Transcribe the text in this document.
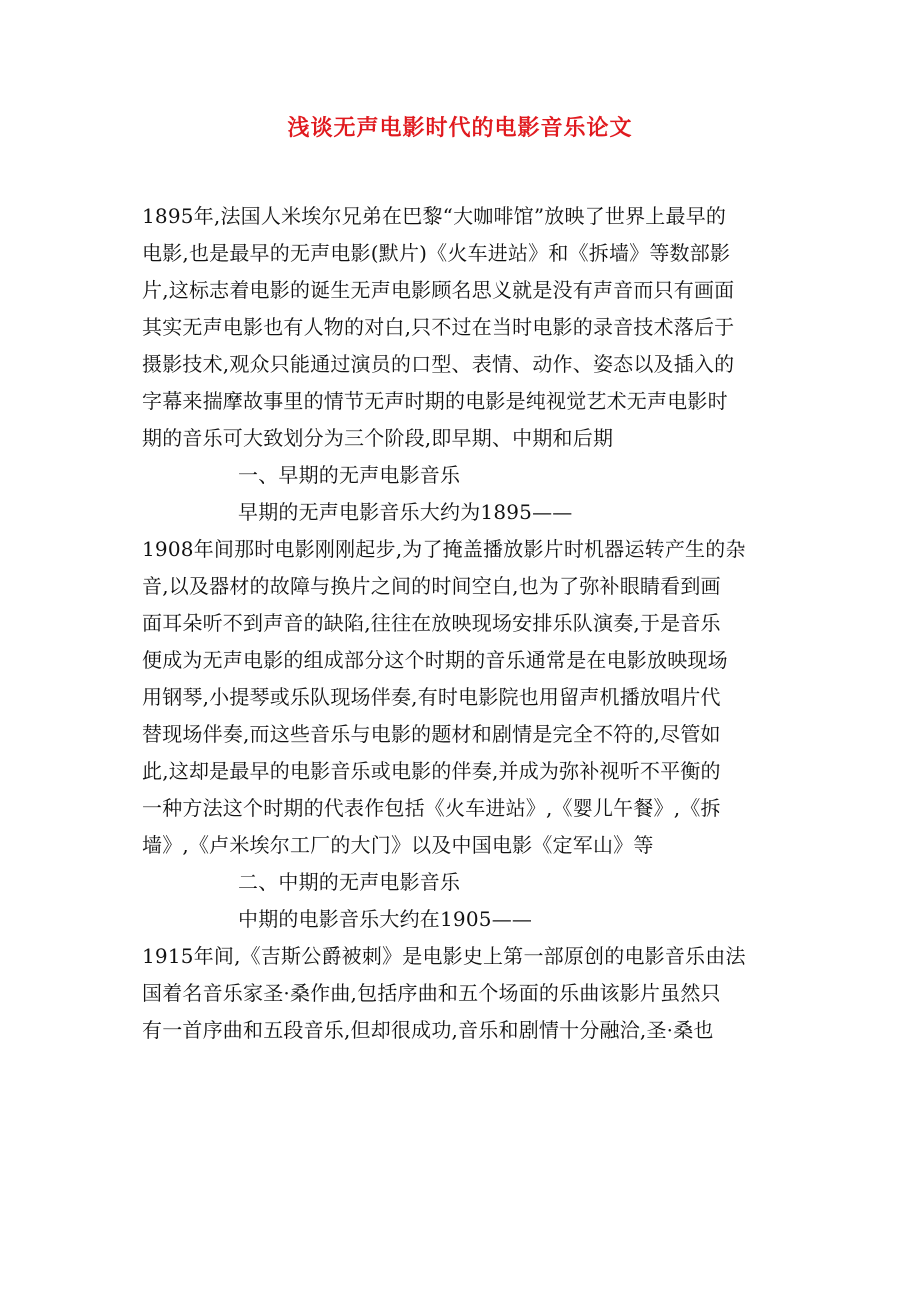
浅谈无声电影时代的电影音乐论文
1895年,法国人米埃尔兄弟在巴黎“大咖啡馆”放映了世界上最早的
电影,也是最早的无声电影(默片)《火车进站》和《拆墙》等数部影
片,这标志着电影的诞生无声电影顾名思义就是没有声音而只有画面
其实无声电影也有人物的对白,只不过在当时电影的录音技术落后于
摄影技术,观众只能通过演员的口型、表情、动作、姿态以及插入的
字幕来揣摩故事里的情节无声时期的电影是纯视觉艺术无声电影时
期的音乐可大致划分为三个阶段,即早期、中期和后期
一、早期的无声电影音乐
早期的无声电影音乐大约为1895——
1908年间那时电影刚刚起步,为了掩盖播放影片时机器运转产生的杂
音,以及器材的故障与换片之间的时间空白,也为了弥补眼睛看到画
面耳朵听不到声音的缺陷,往往在放映现场安排乐队演奏,于是音乐
便成为无声电影的组成部分这个时期的音乐通常是在电影放映现场
用钢琴,小提琴或乐队现场伴奏,有时电影院也用留声机播放唱片代
替现场伴奏,而这些音乐与电影的题材和剧情是完全不符的,尽管如
此,这却是最早的电影音乐或电影的伴奏,并成为弥补视听不平衡的
一种方法这个时期的代表作包括《火车进站》,《婴儿午餐》,《拆
墙》,《卢米埃尔工厂的大门》以及中国电影《定军山》等
二、中期的无声电影音乐
中期的电影音乐大约在1905——
1915年间,《吉斯公爵被刺》是电影史上第一部原创的电影音乐由法
国着名音乐家圣·桑作曲,包括序曲和五个场面的乐曲该影片虽然只
有一首序曲和五段音乐,但却很成功,音乐和剧情十分融洽,圣·桑也
